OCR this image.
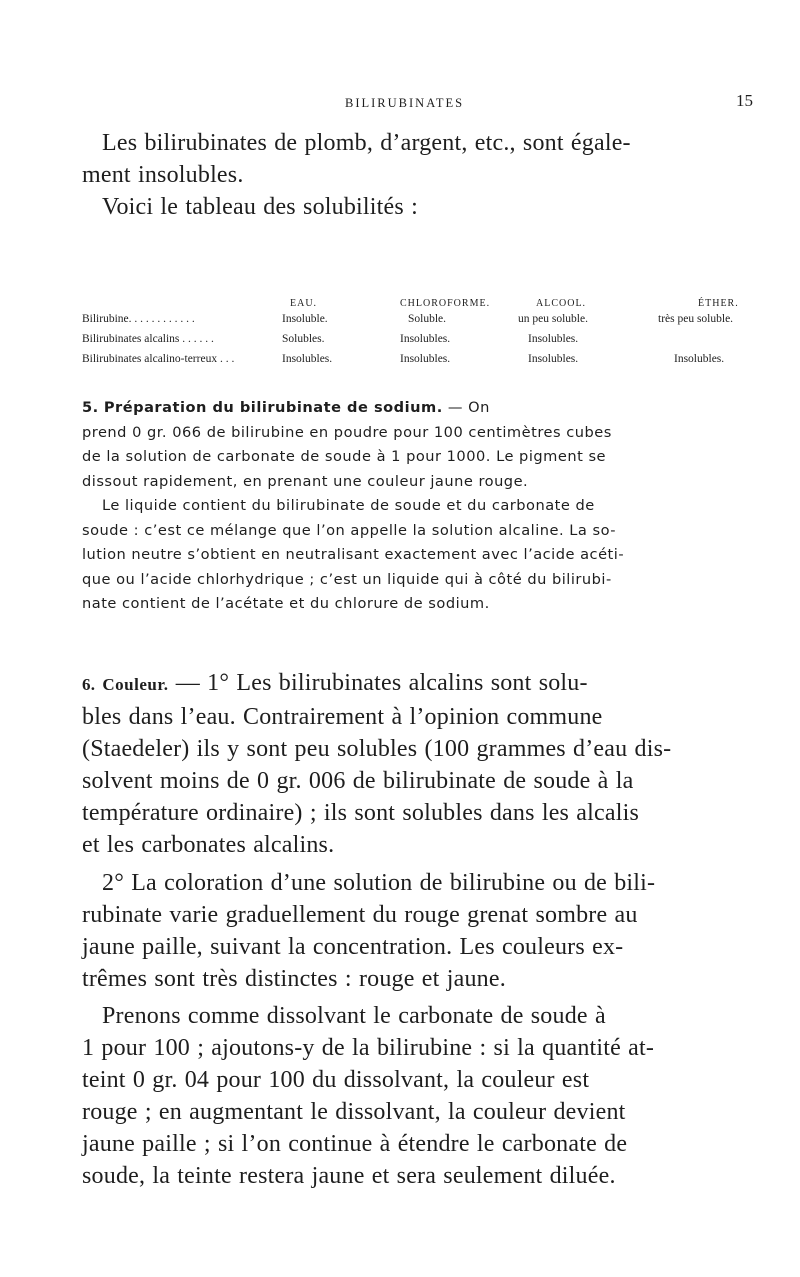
BILIRUBINATES	15

Les bilirubinates de plomb, d’argent, etc., sont égale-
ment insolubles.
Voici le tableau des solubilités :

	EAU.	CHLOROFORME.	ALCOOL.	ÉTHER.
Bilirubine. . . . . . . . . . . .	Insoluble.	Soluble.	un peu soluble.	très peu soluble.
Bilirubinates alcalins . . . . . .	Solubles.	Insolubles.	Insolubles.	
Bilirubinates alcalino-terreux . . .	Insolubles.	Insolubles.	Insolubles.	Insolubles.

5. Préparation du bilirubinate de sodium. — On
prend 0 gr. 066 de bilirubine en poudre pour 100 centimètres cubes
de la solution de carbonate de soude à 1 pour 1000. Le pigment se
dissout rapidement, en prenant une couleur jaune rouge.

Le liquide contient du bilirubinate de soude et du carbonate de
soude : c’est ce mélange que l’on appelle la solution alcaline. La so-
lution neutre s’obtient en neutralisant exactement avec l’acide acéti-
que ou l’acide chlorhydrique ; c’est un liquide qui à côté du bilirubi-
nate contient de l’acétate et du chlorure de sodium.

6. Couleur. — 1° Les bilirubinates alcalins sont solu-
bles dans l’eau. Contrairement à l’opinion commune
(Staedeler) ils y sont peu solubles (100 grammes d’eau dis-
solvent moins de 0 gr. 006 de bilirubinate de soude à la
température ordinaire) ; ils sont solubles dans les alcalis
et les carbonates alcalins.

2° La coloration d’une solution de bilirubine ou de bili-
rubinate varie graduellement du rouge grenat sombre au
jaune paille, suivant la concentration. Les couleurs ex-
trêmes sont très distinctes : rouge et jaune.

Prenons comme dissolvant le carbonate de soude à
1 pour 100 ; ajoutons-y de la bilirubine : si la quantité at-
teint 0 gr. 04 pour 100 du dissolvant, la couleur est
rouge ; en augmentant le dissolvant, la couleur devient
jaune paille ; si l’on continue à étendre le carbonate de
soude, la teinte restera jaune et sera seulement diluée.
